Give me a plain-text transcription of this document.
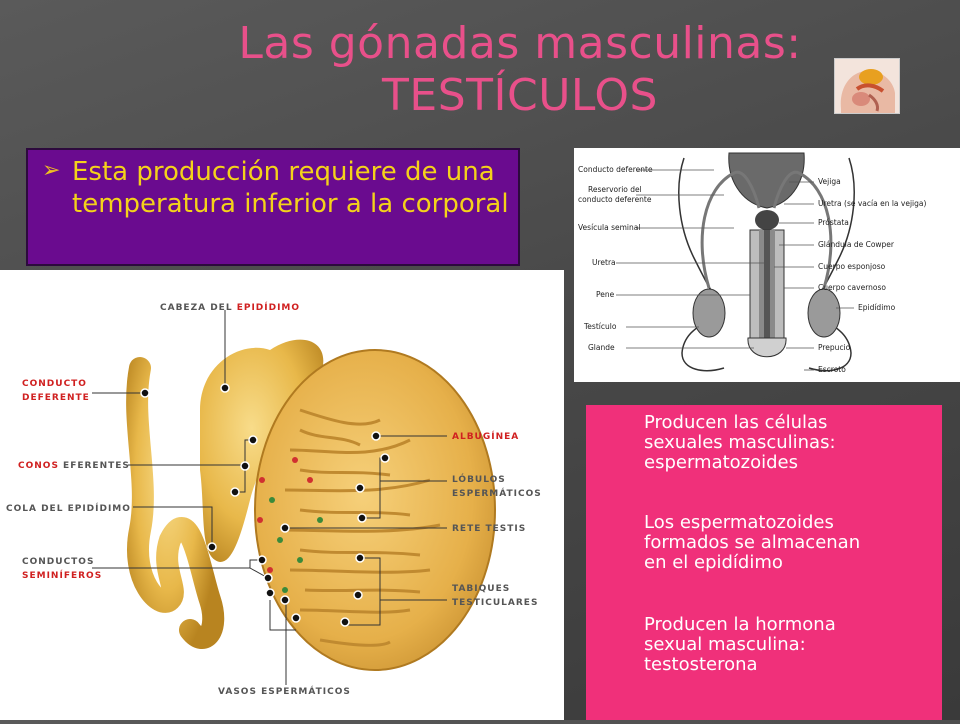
Las gónadas masculinas:
TESTÍCULOS
➢ Esta producción requiere de una temperatura inferior a la corporal
CABEZA DEL EPIDÍDIMO
CONDUCTO
DEFERENTE
CONOS EFERENTES
COLA DEL EPIDÍDIMO
CONDUCTOS
SEMINÍFEROS
ALBUGÍNEA
LÓBULOS
ESPERMÁTICOS
RETE TESTIS
TABIQUES
TESTICULARES
VASOS ESPERMÁTICOS
Conducto deferente
Reservorio del
conducto deferente
Vesícula seminal
Uretra
Pene
Testículo
Glande
Vejiga
Uretra (se vacía en la vejiga)
Próstata
Glándula de Cowper
Cuerpo esponjoso
Cuerpo cavernoso
Epidídimo
Prepucio
Escroto
Producen las células
sexuales masculinas:
espermatozoides
Los espermatozoides
formados se almacenan
en el epidídimo
Producen la hormona
sexual masculina:
testosterona
